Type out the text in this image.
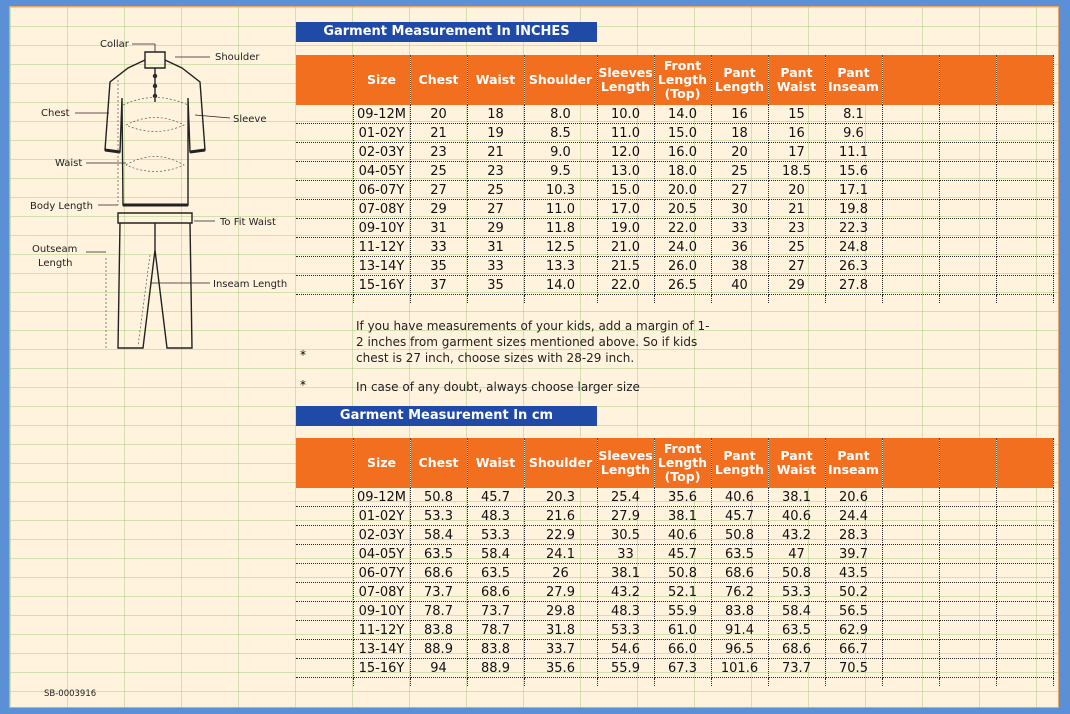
Collar
Shoulder
Chest
Sleeve
Waist
Body Length
To Fit Waist
Outseam
Length
Inseam Length
Garment Measurement In INCHES
Garment Measurement In cm
	Size	Chest	Waist	Shoulder	Sleeves Length	Front Length (Top)	Pant Length	Pant Waist	Pant Inseam			
	09-12M	20	18	8.0	10.0	14.0	16	15	8.1			
	01-02Y	21	19	8.5	11.0	15.0	18	16	9.6			
	02-03Y	23	21	9.0	12.0	16.0	20	17	11.1			
	04-05Y	25	23	9.5	13.0	18.0	25	18.5	15.6			
	06-07Y	27	25	10.3	15.0	20.0	27	20	17.1			
	07-08Y	29	27	11.0	17.0	20.5	30	21	19.8			
	09-10Y	31	29	11.8	19.0	22.0	33	23	22.3			
	11-12Y	33	31	12.5	21.0	24.0	36	25	24.8			
	13-14Y	35	33	13.3	21.5	26.0	38	27	26.3			
	15-16Y	37	35	14.0	22.0	26.5	40	29	27.8			

If you have measurements of your kids, add a margin of 1-2 inches from garment sizes mentioned above. So if kids chest is 27 inch, choose sizes with 28-29 inch.
*
*	In case of any doubt, always choose larger size
	Size	Chest	Waist	Shoulder	Sleeves Length	Front Length (Top)	Pant Length	Pant Waist	Pant Inseam			
	09-12M	50.8	45.7	20.3	25.4	35.6	40.6	38.1	20.6			
	01-02Y	53.3	48.3	21.6	27.9	38.1	45.7	40.6	24.4			
	02-03Y	58.4	53.3	22.9	30.5	40.6	50.8	43.2	28.3			
	04-05Y	63.5	58.4	24.1	33	45.7	63.5	47	39.7			
	06-07Y	68.6	63.5	26	38.1	50.8	68.6	50.8	43.5			
	07-08Y	73.7	68.6	27.9	43.2	52.1	76.2	53.3	50.2			
	09-10Y	78.7	73.7	29.8	48.3	55.9	83.8	58.4	56.5			
	11-12Y	83.8	78.7	31.8	53.3	61.0	91.4	63.5	62.9			
	13-14Y	88.9	83.8	33.7	54.6	66.0	96.5	68.6	66.7			
	15-16Y	94	88.9	35.6	55.9	67.3	101.6	73.7	70.5			

SB-0003916
